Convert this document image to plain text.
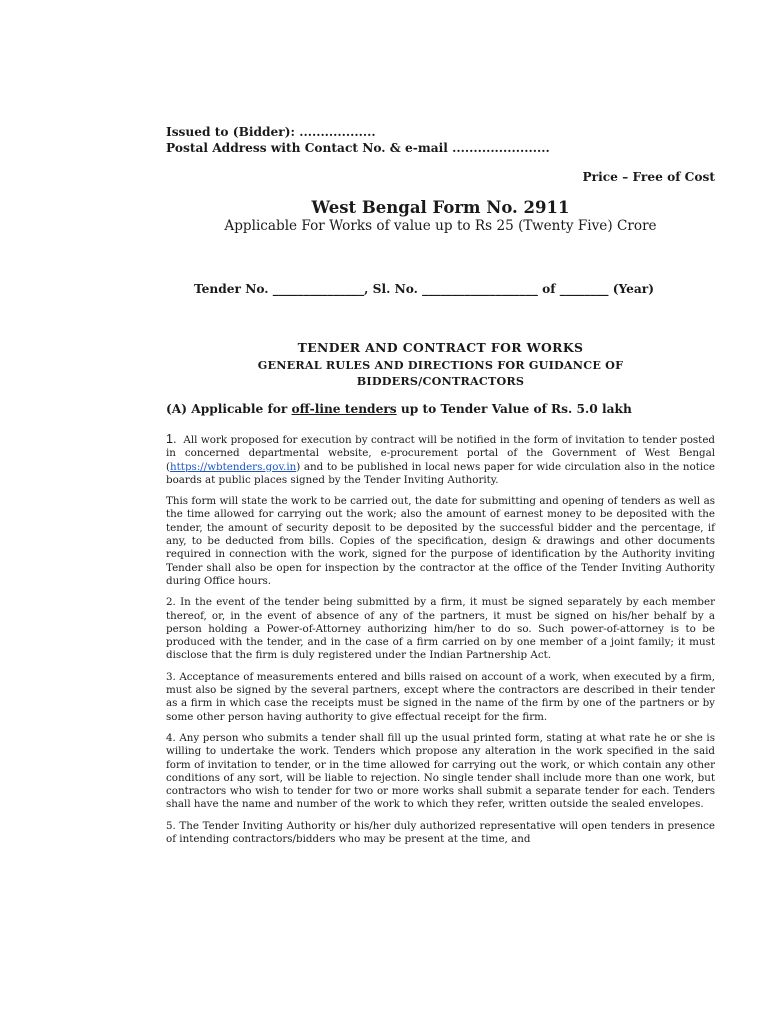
Issued to (Bidder): ..................
Postal Address with Contact No. & e-mail .......................
Price – Free of Cost
West Bengal Form No. 2911
Applicable For Works of value up to Rs 25 (Twenty Five) Crore
Tender No. _______________, Sl. No. ___________________ of ________ (Year)
TENDER AND CONTRACT FOR WORKS
GENERAL RULES AND DIRECTIONS FOR GUIDANCE OF
BIDDERS/CONTRACTORS
(A) Applicable for off-line tenders up to Tender Value of Rs. 5.0 lakh

1. All work proposed for execution by contract will be notified in the form of invitation to tender posted in concerned departmental website, e-procurement portal of the Government of West Bengal (https://wbtenders.gov.in) and to be published in local news paper for wide circulation also in the notice boards at public places signed by the Tender Inviting Authority.

This form will state the work to be carried out, the date for submitting and opening of tenders as well as the time allowed for carrying out the work; also the amount of earnest money to be deposited with the tender, the amount of security deposit to be deposited by the successful bidder and the percentage, if any, to be deducted from bills. Copies of the specification, design & drawings and other documents required in connection with the work, signed for the purpose of identification by the Authority inviting Tender shall also be open for inspection by the contractor at the office of the Tender Inviting Authority during Office hours.

2. In the event of the tender being submitted by a firm, it must be signed separately by each member thereof, or, in the event of absence of any of the partners, it must be signed on his/her behalf by a person holding a Power-of-Attorney authorizing him/her to do so. Such power-of-attorney is to be produced with the tender, and in the case of a firm carried on by one member of a joint family; it must disclose that the firm is duly registered under the Indian Partnership Act.

3. Acceptance of measurements entered and bills raised on account of a work, when executed by a firm, must also be signed by the several partners, except where the contractors are described in their tender as a firm in which case the receipts must be signed in the name of the firm by one of the partners or by some other person having authority to give effectual receipt for the firm.

4. Any person who submits a tender shall fill up the usual printed form, stating at what rate he or she is willing to undertake the work. Tenders which propose any alteration in the work specified in the said form of invitation to tender, or in the time allowed for carrying out the work, or which contain any other conditions of any sort, will be liable to rejection. No single tender shall include more than one work, but contractors who wish to tender for two or more works shall submit a separate tender for each. Tenders shall have the name and number of the work to which they refer, written outside the sealed envelopes.

5. The Tender Inviting Authority or his/her duly authorized representative will open tenders in presence of intending contractors/bidders who may be present at the time, and
